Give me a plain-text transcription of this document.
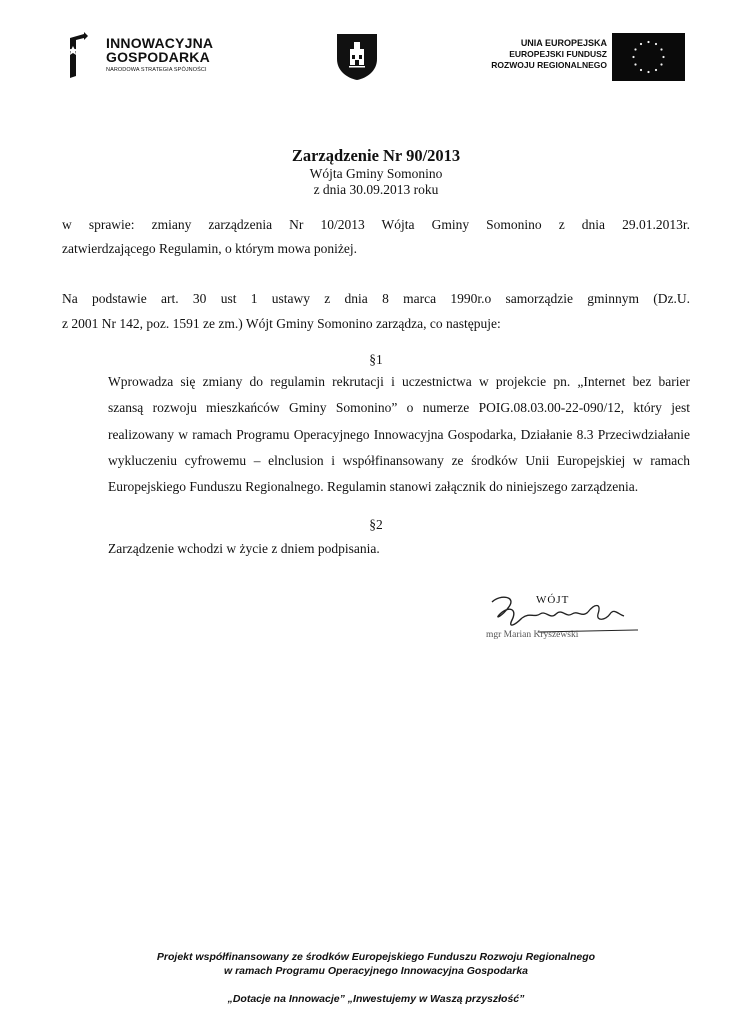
INNOWACYJNA
GOSPODARKA
NARODOWA STRATEGIA SPÓJNOŚCI
UNIA EUROPEJSKA
EUROPEJSKI FUNDUSZ
ROZWOJU REGIONALNEGO
Zarządzenie Nr 90/2013
Wójta Gminy Somonino
z dnia 30.09.2013 roku
w sprawie: zmiany zarządzenia Nr 10/2013 Wójta Gminy Somonino z dnia 29.01.2013r.
zatwierdzającego Regulamin, o którym mowa poniżej.
Na podstawie art. 30 ust 1 ustawy z dnia 8 marca 1990r.o samorządzie gminnym (Dz.U.
z 2001 Nr 142, poz. 1591 ze zm.) Wójt Gminy Somonino zarządza, co następuje:
§1
Wprowadza się zmiany do regulamin rekrutacji i uczestnictwa w projekcie pn. „Internet bez barier
szansą rozwoju mieszkańców Gminy Somonino” o numerze POIG.08.03.00-22-090/12, który jest
realizowany w ramach Programu Operacyjnego Innowacyjna Gospodarka, Działanie 8.3 Przeciwdziałanie
wykluczeniu cyfrowemu – elnclusion i współfinansowany ze środków Unii Europejskiej w ramach
Europejskiego Funduszu Regionalnego. Regulamin stanowi załącznik do niniejszego zarządzenia.
§2
Zarządzenie wchodzi w życie z dniem podpisania.
WÓJT
mgr Marian Kryszewski
Projekt współfinansowany ze środków Europejskiego Funduszu Rozwoju Regionalnego
w ramach Programu Operacyjnego Innowacyjna Gospodarka
„Dotacje na Innowacje” „Inwestujemy w Waszą przyszłość”
